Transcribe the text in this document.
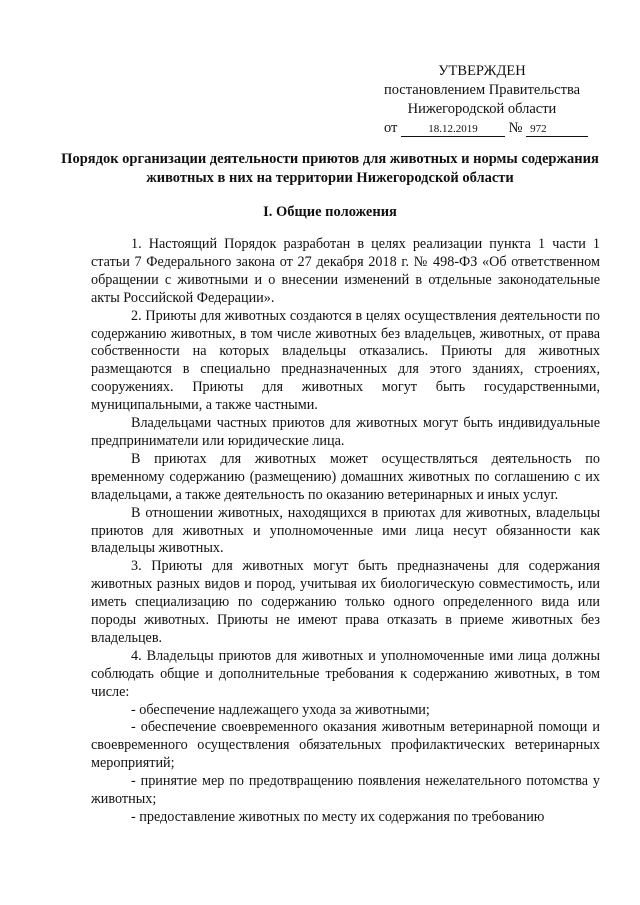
УТВЕРЖДЕН
постановлением Правительства
Нижегородской области
от	18.12.2019 № 972
Порядок организации деятельности приютов для животных и нормы содержания животных в них на территории Нижегородской области
I. Общие положения

1. Настоящий Порядок разработан в целях реализации пункта 1 части 1 статьи 7 Федерального закона от 27 декабря 2018 г. № 498-ФЗ «Об ответственном обращении с животными и о внесении изменений в отдельные законодательные акты Российской Федерации».

2. Приюты для животных создаются в целях осуществления деятельности по содержанию животных, в том числе животных без владельцев, животных, от права собственности на которых владельцы отказались. Приюты для животных размещаются в специально предназначенных для этого зданиях, строениях, сооружениях. Приюты для животных могут быть государственными, муниципальными, а также частными.

Владельцами частных приютов для животных могут быть индивидуальные предприниматели или юридические лица.

В приютах для животных может осуществляться деятельность по временному содержанию (размещению) домашних животных по соглашению с их владельцами, а также деятельность по оказанию ветеринарных и иных услуг.

В отношении животных, находящихся в приютах для животных, владельцы приютов для животных и уполномоченные ими лица несут обязанности как владельцы животных.

3. Приюты для животных могут быть предназначены для содержания животных разных видов и пород, учитывая их биологическую совместимость, или иметь специализацию по содержанию только одного определенного вида или породы животных. Приюты не имеют права отказать в приеме животных без владельцев.

4. Владельцы приютов для животных и уполномоченные ими лица должны соблюдать общие и дополнительные требования к содержанию животных, в том числе:

- обеспечение надлежащего ухода за животными;

- обеспечение своевременного оказания животным ветеринарной помощи и своевременного осуществления обязательных профилактических ветеринарных мероприятий;

- принятие мер по предотвращению появления нежелательного потомства у животных;

- предоставление животных по месту их содержания по требованию
